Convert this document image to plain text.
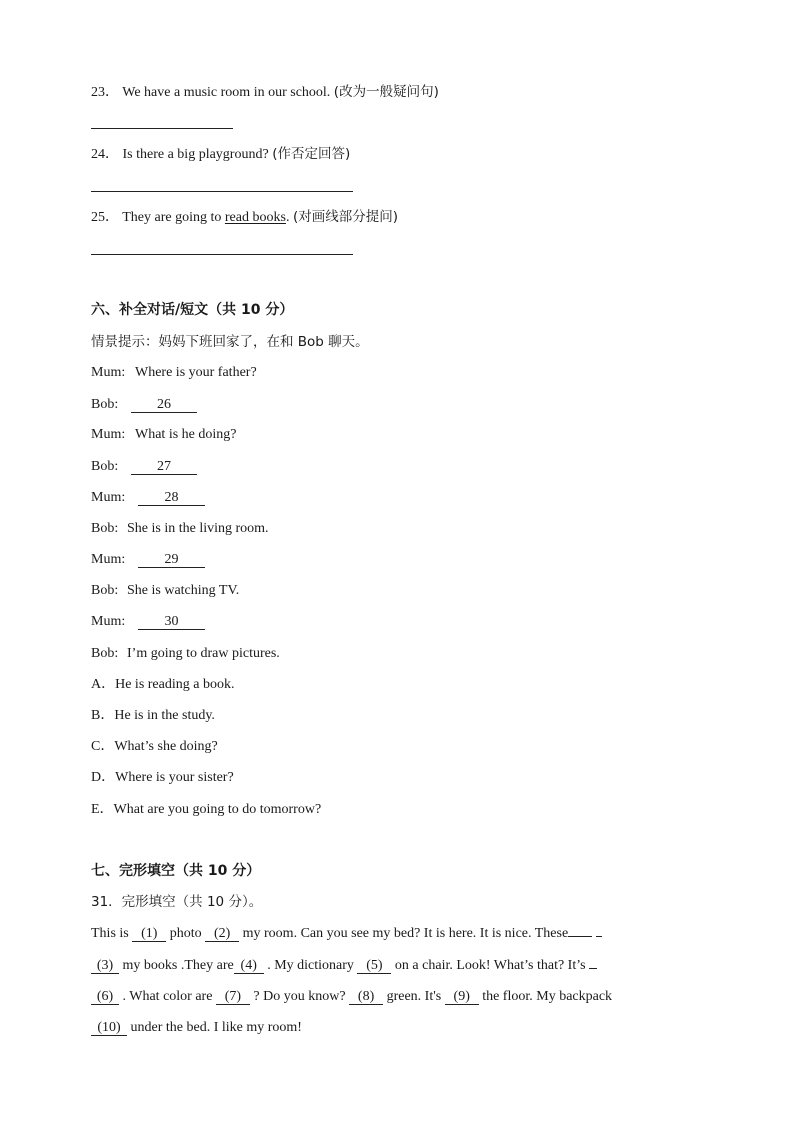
23． We have a music room in our school. (改为一般疑问句)
24． Is there a big playground? (作否定回答)
25． They are going to read books. (对画线部分提问)
六、补全对话/短文（共 10 分）
情景提示：妈妈下班回家了，在和 Bob 聊天。
Mum: Where is your father?
Bob:	26
Mum: What is he doing?
Bob:	27
Mum:	28
Bob: She is in the living room.
Mum:	29
Bob: She is watching TV.
Mum:	30
Bob: I’m going to draw pictures.
A．He is reading a book.
B．He is in the study.
C．What’s she doing?
D．Where is your sister?
E．What are you going to do tomorrow?
七、完形填空（共 10 分）
31．完形填空（共 10 分）。
This is (1) photo (2) my room. Can you see my bed? It is here. It is nice. These
(3) my books .They are (4) . My dictionary (5) on a chair. Look! What’s that? It’s
(6) . What color are (7) ? Do you know? (8) green. It's (9) the floor. My backpack
(10) under the bed. I like my room!
